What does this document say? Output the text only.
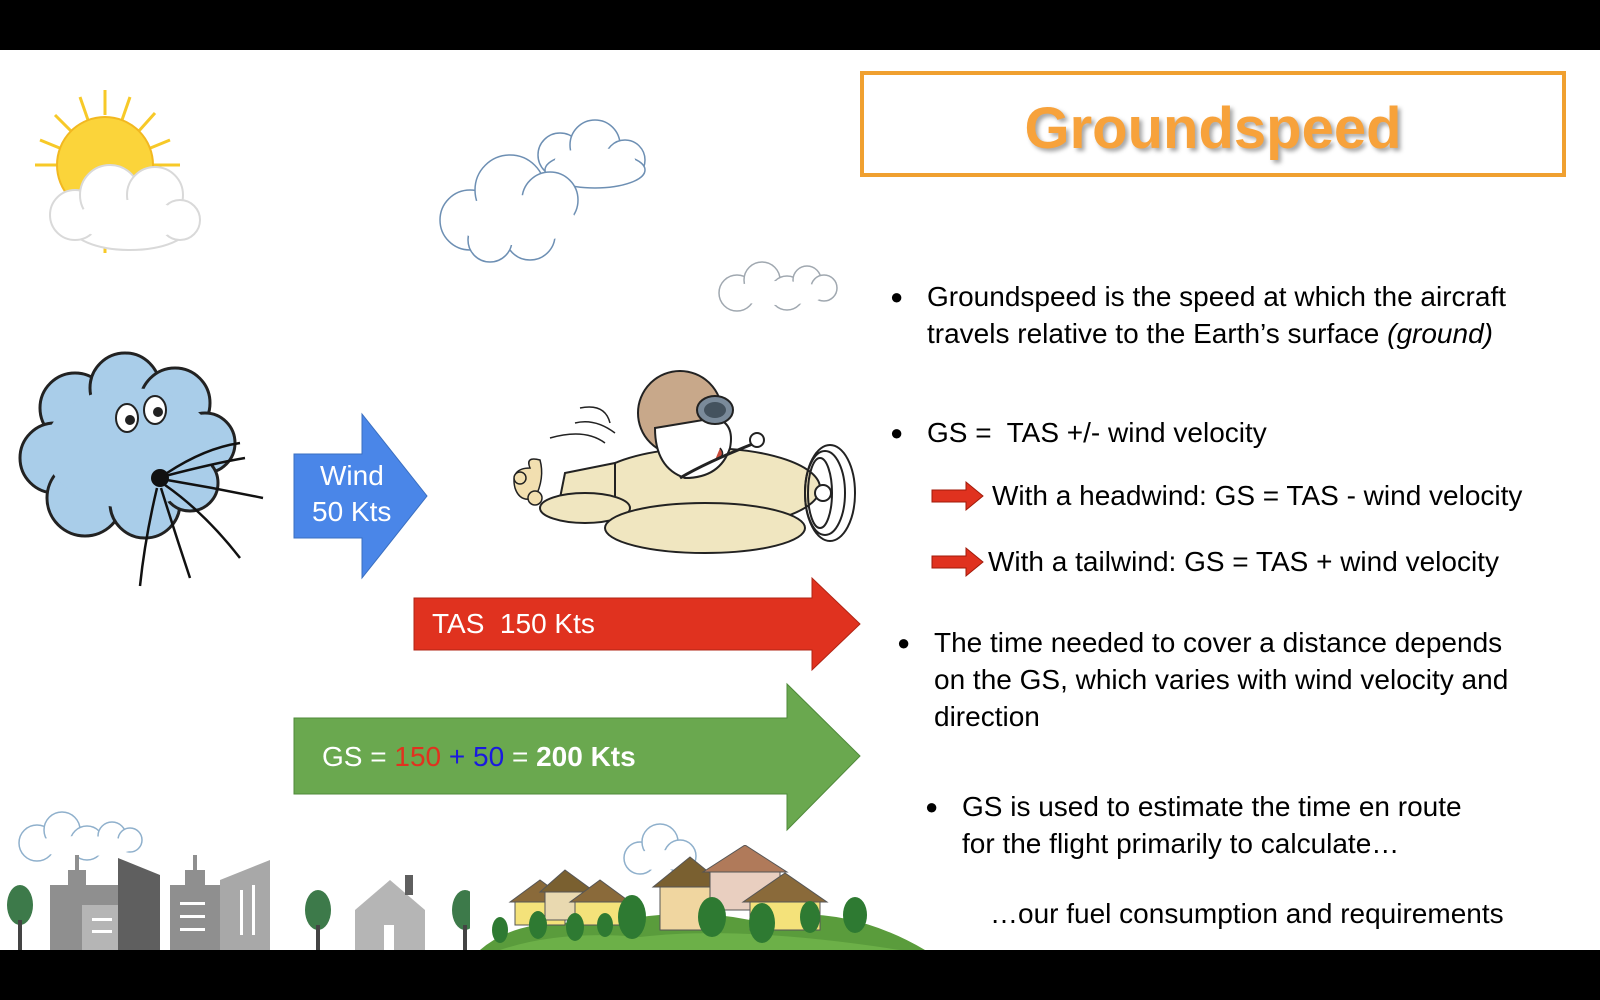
Groundspeed
Wind
50 Kts
TAS  150 Kts
GS = 150 + 50 = 200 Kts
● Groundspeed is the speed at which the aircraft
travels relative to the Earth’s surface (ground)
● GS =  TAS +/- wind velocity
With a headwind: GS = TAS - wind velocity
With a tailwind: GS = TAS + wind velocity
● The time needed to cover a distance depends
on the GS, which varies with wind velocity and
direction
● GS is used to estimate the time en route
for the flight primarily to calculate…
…our fuel consumption and requirements
